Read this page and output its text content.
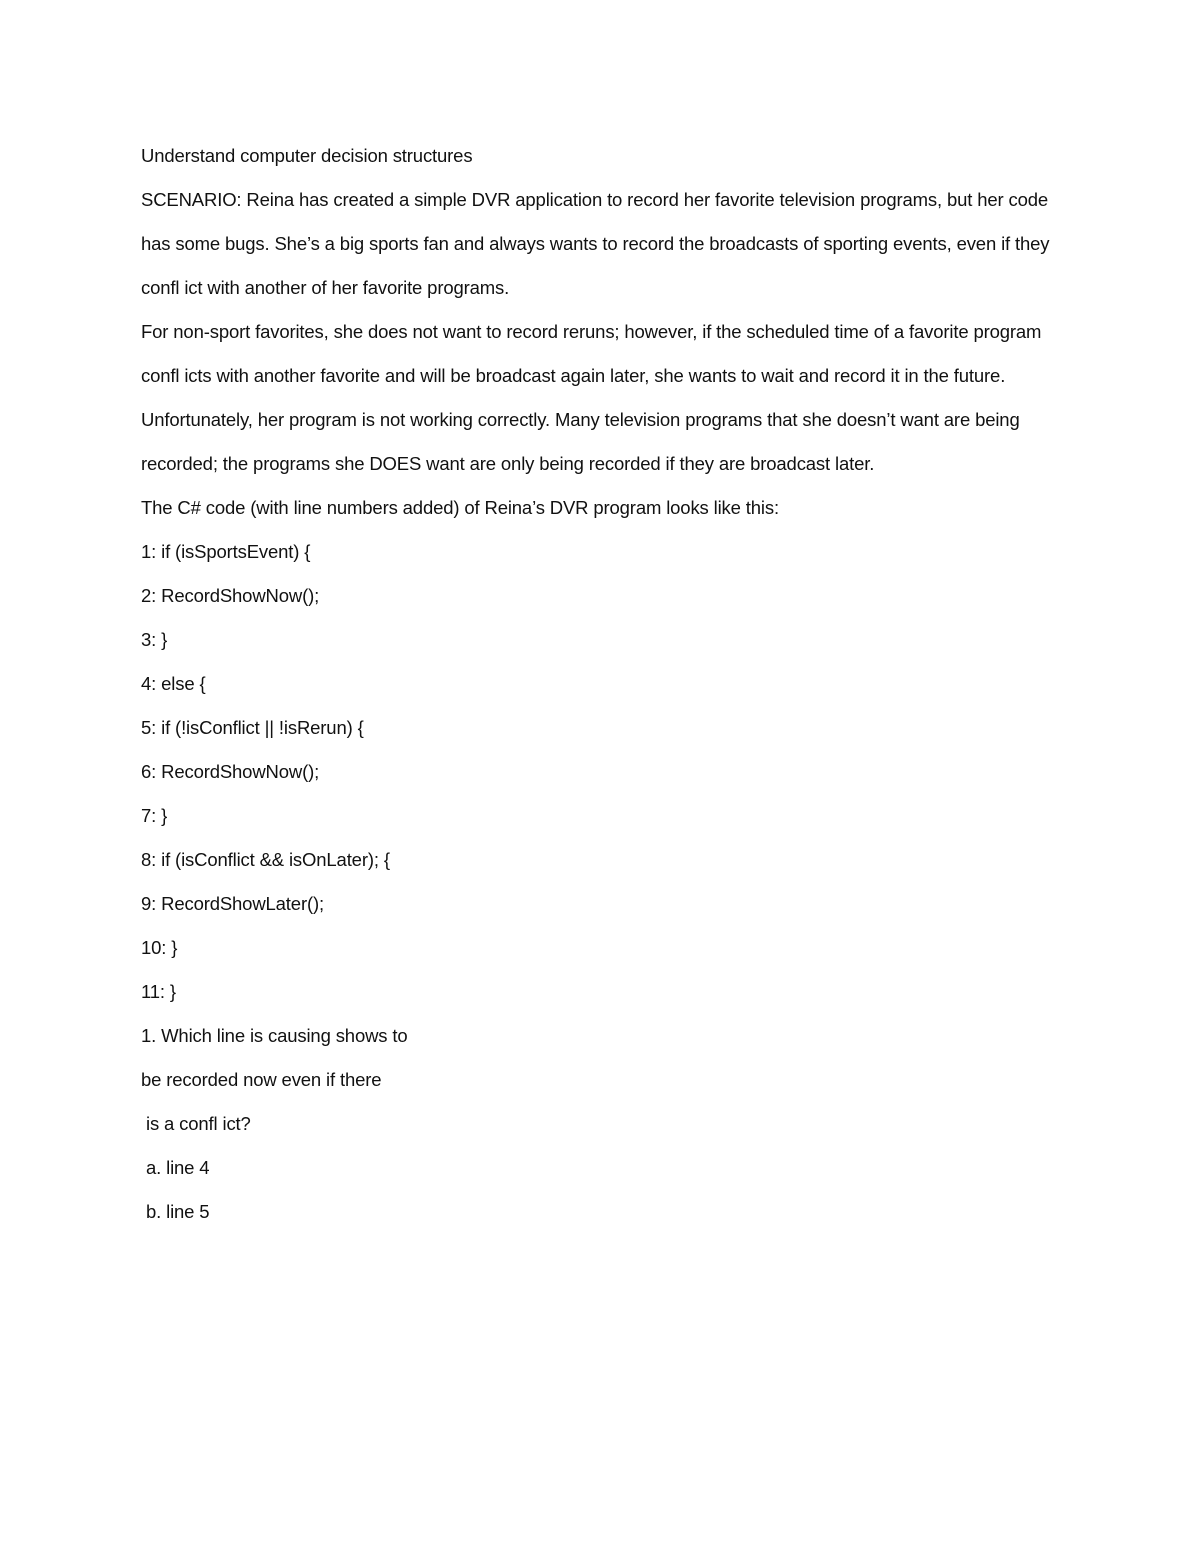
Understand computer decision structures

SCENARIO: Reina has created a simple DVR application to record her favorite television programs, but her code

has some bugs. She’s a big sports fan and always wants to record the broadcasts of sporting events, even if they

confl ict with another of her favorite programs.

For non-sport favorites, she does not want to record reruns; however, if the scheduled time of a favorite program

confl icts with another favorite and will be broadcast again later, she wants to wait and record it in the future.

Unfortunately, her program is not working correctly. Many television programs that she doesn’t want are being

recorded; the programs she DOES want are only being recorded if they are broadcast later.

The C# code (with line numbers added) of Reina’s DVR program looks like this:

1: if (isSportsEvent) {

2: RecordShowNow();

3: }

4: else {

5: if (!isConflict || !isRerun) {

6: RecordShowNow();

7: }

8: if (isConflict && isOnLater); {

9: RecordShowLater();

10: }

11: }

1. Which line is causing shows to

be recorded now even if there

is a confl ict?

a. line 4

b. line 5
